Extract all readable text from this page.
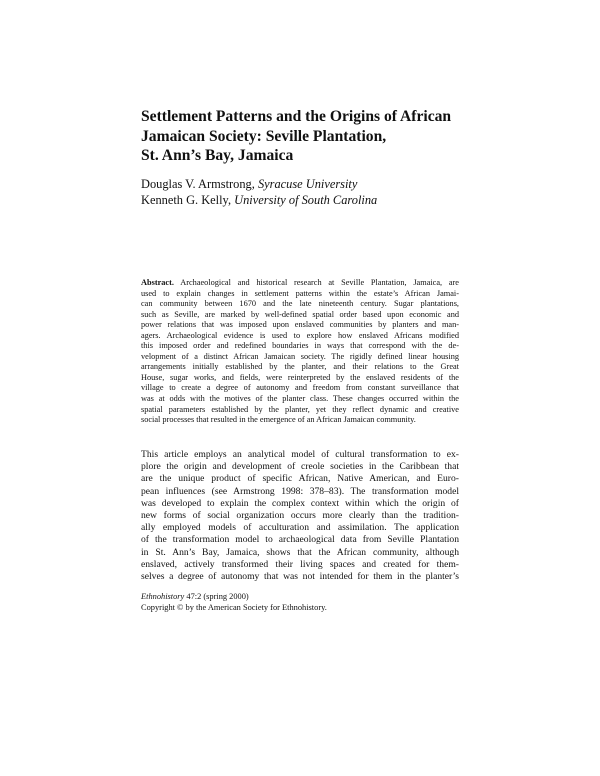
Settlement Patterns and the Origins of African
Jamaican Society: Seville Plantation,
St. Ann’s Bay, Jamaica
Douglas V. Armstrong, Syracuse University
Kenneth G. Kelly, University of South Carolina
Abstract. Archaeological and historical research at Seville Plantation, Jamaica, are
used to explain changes in settlement patterns within the estate’s African Jamai-
can community between 1670 and the late nineteenth century. Sugar plantations,
such as Seville, are marked by well-defined spatial order based upon economic and
power relations that was imposed upon enslaved communities by planters and man-
agers. Archaeological evidence is used to explore how enslaved Africans modified
this imposed order and redefined boundaries in ways that correspond with the de-
velopment of a distinct African Jamaican society. The rigidly defined linear housing
arrangements initially established by the planter, and their relations to the Great
House, sugar works, and fields, were reinterpreted by the enslaved residents of the
village to create a degree of autonomy and freedom from constant surveillance that
was at odds with the motives of the planter class. These changes occurred within the
spatial parameters established by the planter, yet they reflect dynamic and creative
social processes that resulted in the emergence of an African Jamaican community.
This article employs an analytical model of cultural transformation to ex-
plore the origin and development of creole societies in the Caribbean that
are the unique product of specific African, Native American, and Euro-
pean influences (see Armstrong 1998: 378–83). The transformation model
was developed to explain the complex context within which the origin of
new forms of social organization occurs more clearly than the tradition-
ally employed models of acculturation and assimilation. The application
of the transformation model to archaeological data from Seville Plantation
in St. Ann’s Bay, Jamaica, shows that the African community, although
enslaved, actively transformed their living spaces and created for them-
selves a degree of autonomy that was not intended for them in the planter’s
Ethnohistory 47:2 (spring 2000)
Copyright © by the American Society for Ethnohistory.
